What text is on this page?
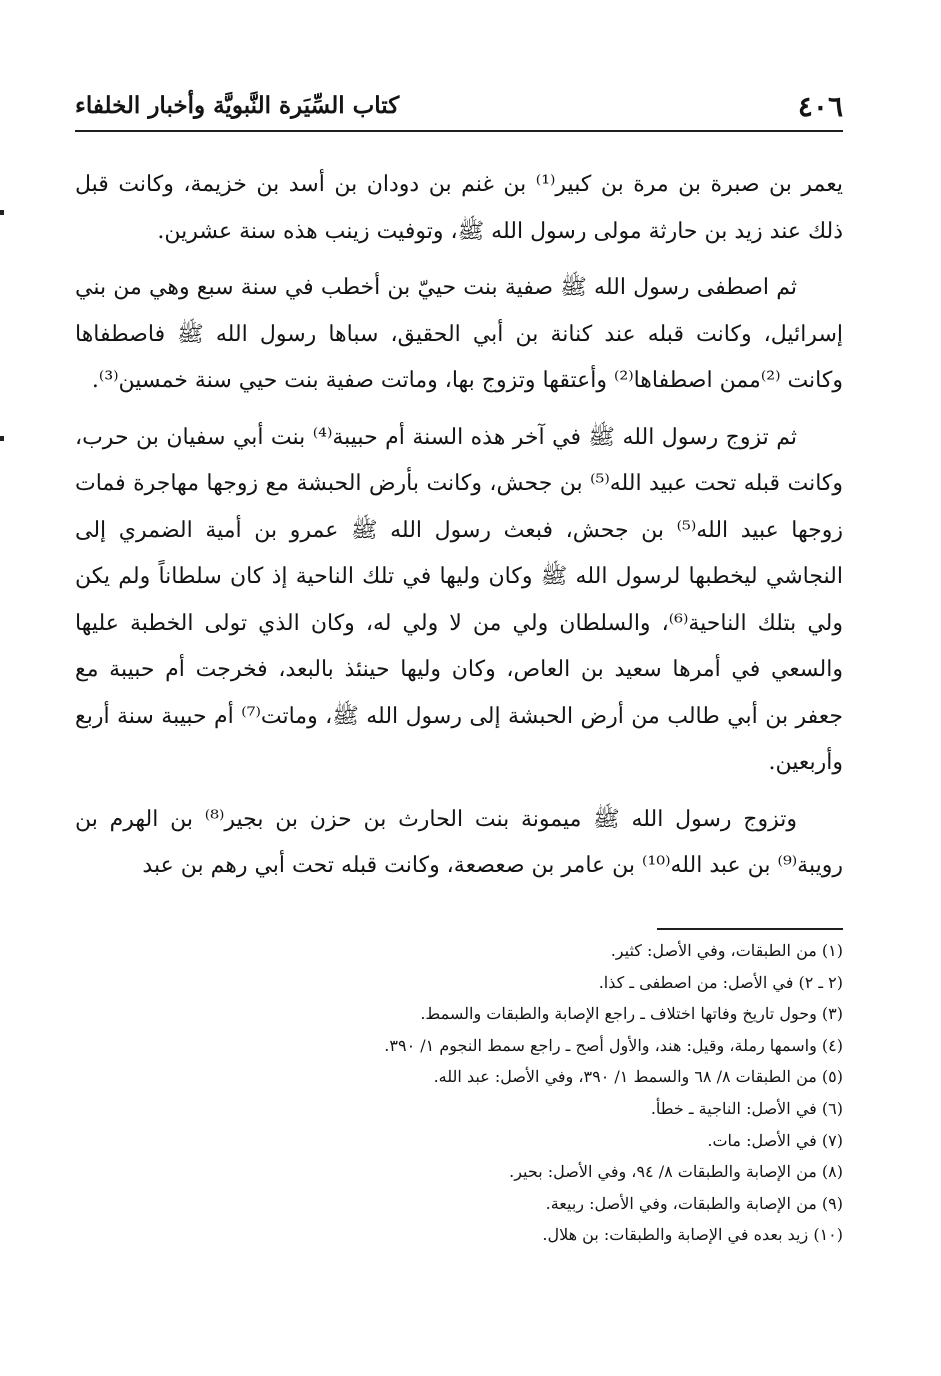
٤٠٦
كتاب السِّيَرة النَّبويَّة وأخبار الخلفاء

يعمر بن صبرة بن مرة بن كبير⁽¹⁾ بن غنم بن دودان بن أسد بن خزيمة، وكانت قبل ذلك عند زيد بن حارثة مولى رسول الله ﷺ، وتوفيت زينب هذه سنة عشرين.

ثم اصطفى رسول الله ﷺ صفية بنت حييّ بن أخطب في سنة سبع وهي من بني إسرائيل، وكانت قبله عند كنانة بن أبي الحقيق، سباها رسول الله ﷺ فاصطفاها وكانت ⁽²⁾ممن اصطفاها⁽²⁾ وأعتقها وتزوج بها، وماتت صفية بنت حيي سنة خمسين⁽³⁾.

ثم تزوج رسول الله ﷺ في آخر هذه السنة أم حبيبة⁽⁴⁾ بنت أبي سفيان بن حرب، وكانت قبله تحت عبيد الله⁽⁵⁾ بن جحش، وكانت بأرض الحبشة مع زوجها مهاجرة فمات زوجها عبيد الله⁽⁵⁾ بن جحش، فبعث رسول الله ﷺ عمرو بن أمية الضمري إلى النجاشي ليخطبها لرسول الله ﷺ وكان وليها في تلك الناحية إذ كان سلطاناً ولم يكن ولي بتلك الناحية⁽⁶⁾، والسلطان ولي من لا ولي له، وكان الذي تولى الخطبة عليها والسعي في أمرها سعيد بن العاص، وكان وليها حينئذ بالبعد، فخرجت أم حبيبة مع جعفر بن أبي طالب من أرض الحبشة إلى رسول الله ﷺ، وماتت⁽⁷⁾ أم حبيبة سنة أربع وأربعين.

وتزوج رسول الله ﷺ ميمونة بنت الحارث بن حزن بن بجير⁽⁸⁾ بن الهرم بن رويبة⁽⁹⁾ بن عبد الله⁽¹⁰⁾ بن عامر بن صعصعة، وكانت قبله تحت أبي رهم بن عبد

(١) من الطبقات، وفي الأصل: كثير.
(٢ ـ ٢) في الأصل: من اصطفى ـ كذا.
(٣) وحول تاريخ وفاتها اختلاف ـ راجع الإصابة والطبقات والسمط.
(٤) واسمها رملة، وقيل: هند، والأول أصح ـ راجع سمط النجوم ١/ ٣٩٠.
(٥) من الطبقات ٨/ ٦٨ والسمط ١/ ٣٩٠، وفي الأصل: عبد الله.
(٦) في الأصل: الناجية ـ خطأ.
(٧) في الأصل: مات.
(٨) من الإصابة والطبقات ٨/ ٩٤، وفي الأصل: بحير.
(٩) من الإصابة والطبقات، وفي الأصل: ربيعة.
(١٠) زيد بعده في الإصابة والطبقات: بن هلال.
